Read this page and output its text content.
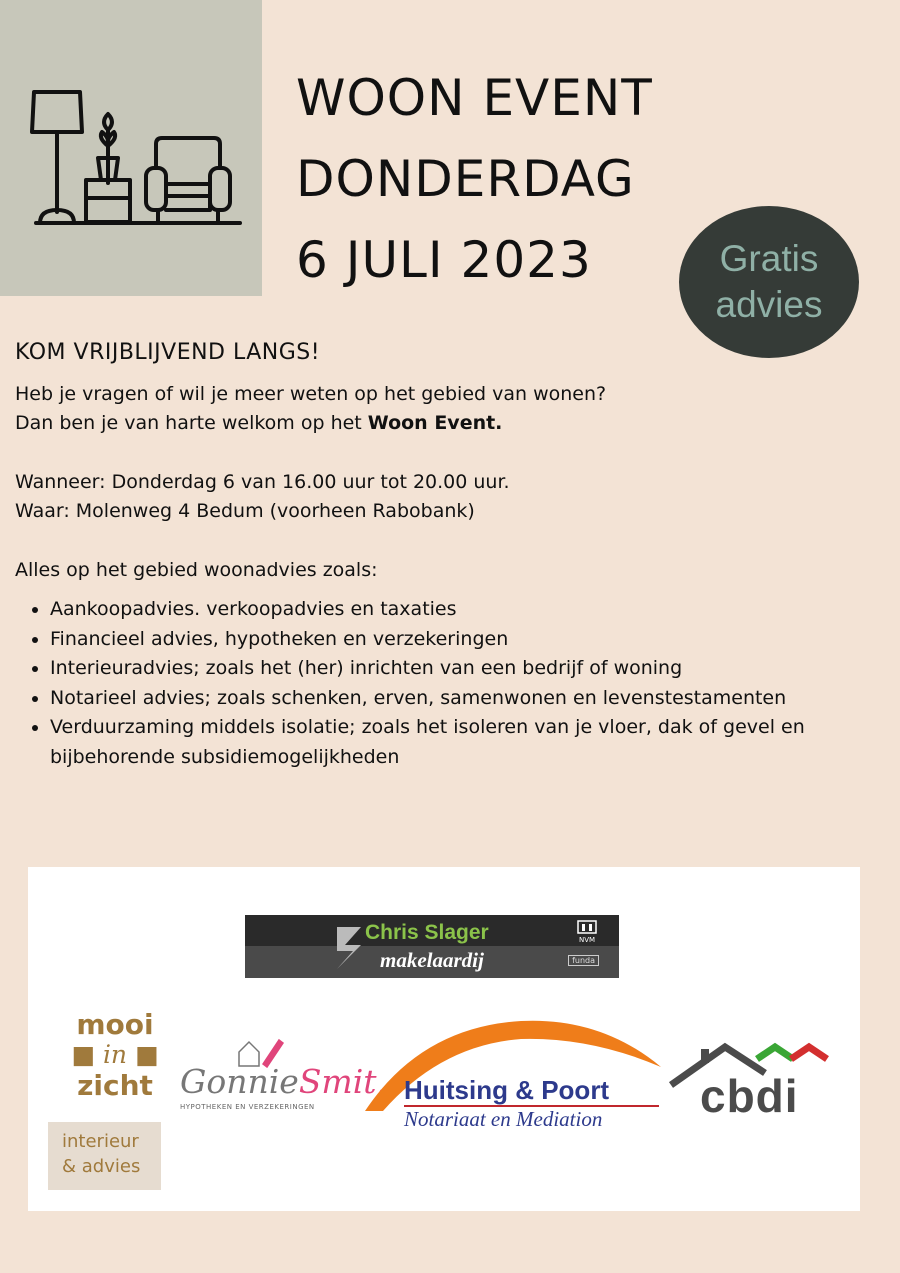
WOON EVENT
DONDERDAG
6 JULI 2023	Gratis
advies
KOM VRIJBLIJVEND LANGS!

Heb je vragen of wil je meer weten op het gebied van wonen?

Dan ben je van harte welkom op het Woon Event.

Wanneer: Donderdag 6 van 16.00 uur tot 20.00 uur.

Waar: Molenweg 4 Bedum (voorheen Rabobank)

Alles op het gebied woonadvies zoals:

• Aankoopadvies. verkoopadvies en taxaties
• Financieel advies, hypotheken en verzekeringen
• Interieuradvies; zoals het (her) inrichten van een bedrijf of woning
• Notarieel advies; zoals schenken, erven, samenwonen en levenstestamenten
• Verduurzaming middels isolatie; zoals het isoleren van je vloer, dak of gevel en bijbehorende subsidiemogelijkheden
Chris Slager
makelaardij
NVM
funda
mooi
■ in ■
zicht
interieur
& advies
GonnieSmit.
HYPOTHEKEN EN VERZEKERINGEN
Huitsing & Poort
Notariaat en Mediation cbdi
